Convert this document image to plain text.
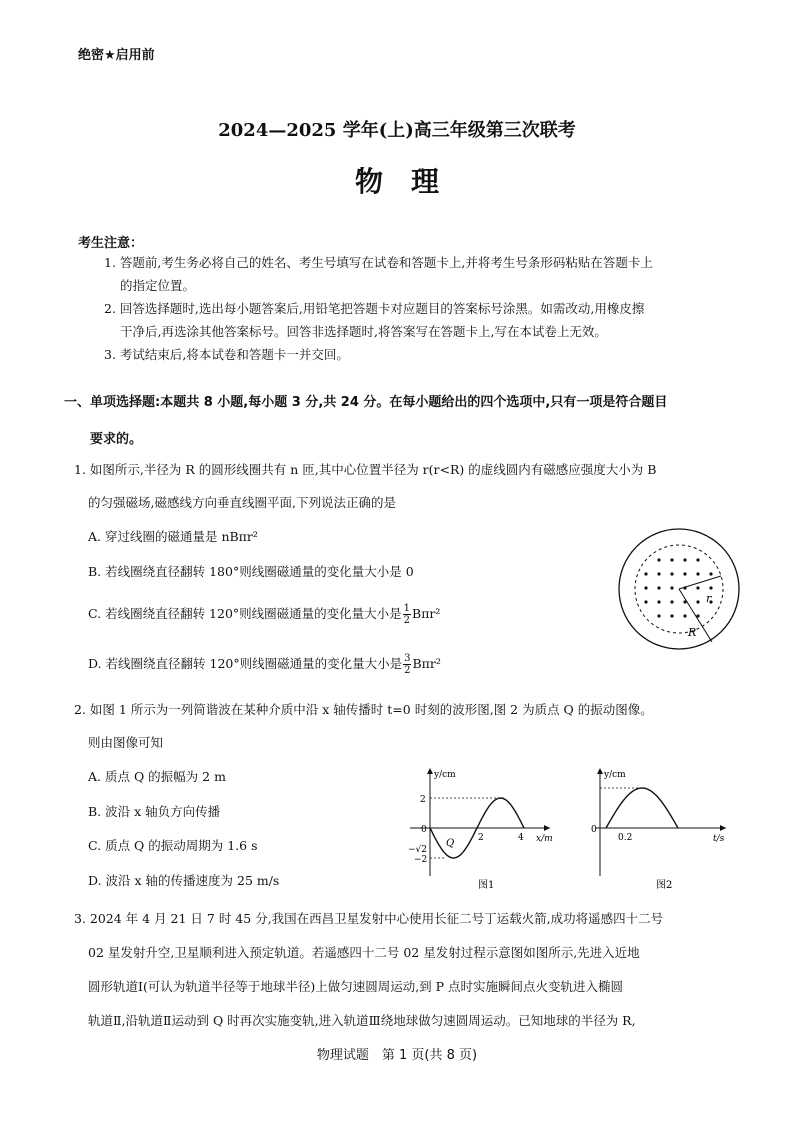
绝密★启用前
2024—2025 学年(上)高三年级第三次联考
物理
考生注意：
1. 答题前,考生务必将自己的姓名、考生号填写在试卷和答题卡上,并将考生号条形码粘贴在答题卡上
的指定位置。
2. 回答选择题时,选出每小题答案后,用铅笔把答题卡对应题目的答案标号涂黑。如需改动,用橡皮擦
干净后,再选涂其他答案标号。回答非选择题时,将答案写在答题卡上,写在本试卷上无效。
3. 考试结束后,将本试卷和答题卡一并交回。
一、单项选择题:本题共 8 小题,每小题 3 分,共 24 分。在每小题给出的四个选项中,只有一项是符合题目
要求的。
1. 如图所示,半径为 R 的圆形线圈共有 n 匝,其中心位置半径为 r(r<R) 的虚线圆内有磁感应强度大小为 B
的匀强磁场,磁感线方向垂直线圈平面,下列说法正确的是
A. 穿过线圈的磁通量是 nBπr²
B. 若线圈绕直径翻转 180°则线圈磁通量的变化量大小是 0
C. 若线圈绕直径翻转 120°则线圈磁通量的变化量大小是 $\frac{1}{2} B\pi r^2$
D. 若线圈绕直径翻转 120°则线圈磁通量的变化量大小是 $\frac{3}{2} B\pi r^2$
r
R
2. 如图 1 所示为一列简谐波在某种介质中沿 x 轴传播时 t=0 时刻的波形图,图 2 为质点 Q 的振动图像。
则由图像可知
A. 质点 Q 的振幅为 2 m
B. 波沿 x 轴负方向传播
C. 质点 Q 的振动周期为 1.6 s
D. 波沿 x 轴的传播速度为 25 m/s
y/cm
x/m
2
0
−√2
−2
2	4
Q
图1
y/cm
t/s
0
0.2
图2
3. 2024 年 4 月 21 日 7 时 45 分,我国在西昌卫星发射中心使用长征二号丁运载火箭,成功将遥感四十二号
02 星发射升空,卫星顺利进入预定轨道。若遥感四十二号 02 星发射过程示意图如图所示,先进入近地
圆形轨道Ⅰ(可认为轨道半径等于地球半径)上做匀速圆周运动,到 P 点时实施瞬间点火变轨进入椭圆
轨道Ⅱ,沿轨道Ⅱ运动到 Q 时再次实施变轨,进入轨道Ⅲ绕地球做匀速圆周运动。已知地球的半径为 R,
物理试题　第 1 页(共 8 页)
